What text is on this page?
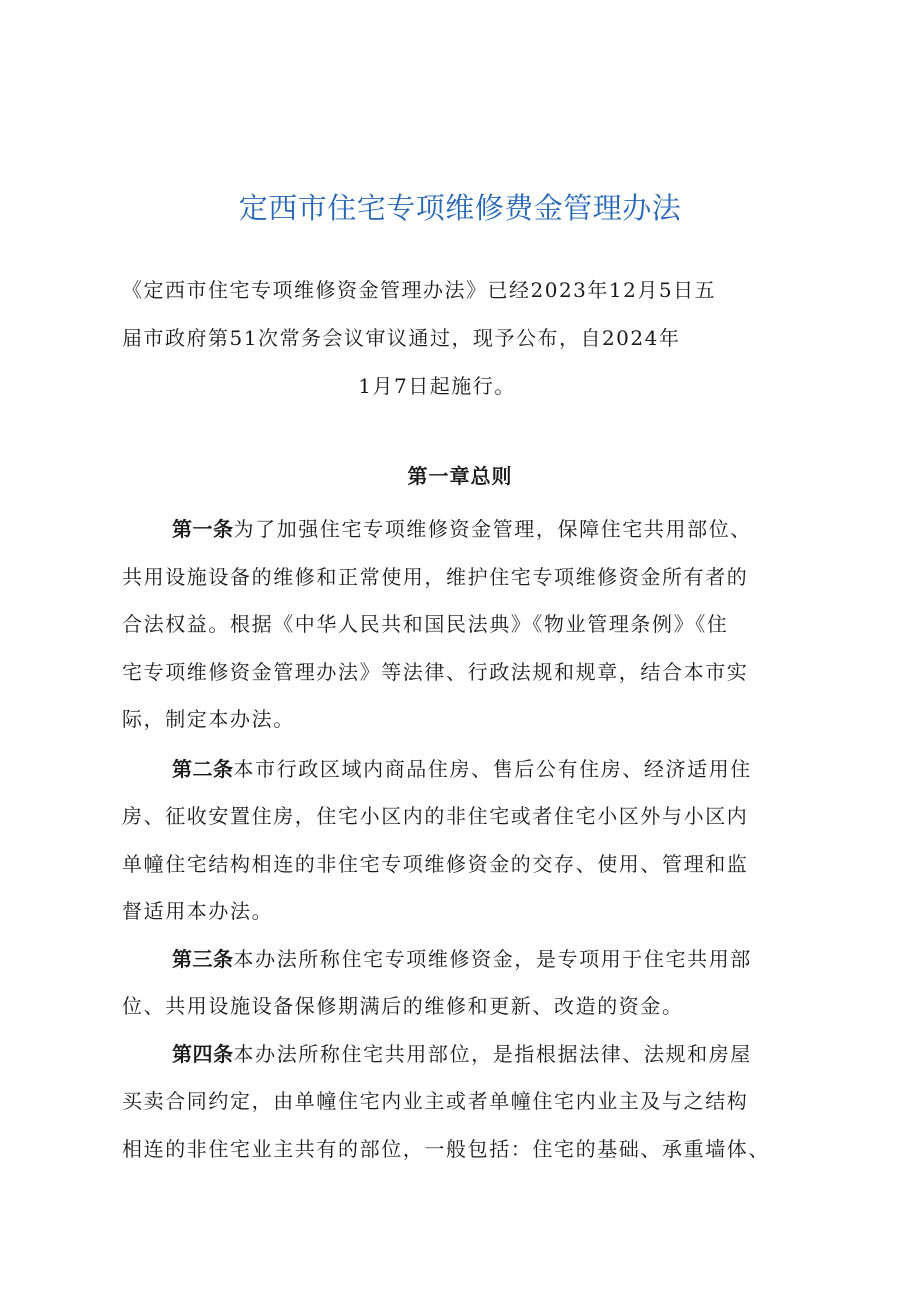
定西市住宅专项维修费金管理办法
《定西市住宅专项维修资金管理办法》已经2023年12月5日五
届市政府第51次常务会议审议通过，现予公布，自2024年
1月7日起施行。
第一章总则
第一条为了加强住宅专项维修资金管理，保障住宅共用部位、
共用设施设备的维修和正常使用，维护住宅专项维修资金所有者的
合法权益。根据《中华人民共和国民法典》《物业管理条例》《住
宅专项维修资金管理办法》等法律、行政法规和规章，结合本市实
际，制定本办法。
第二条本市行政区域内商品住房、售后公有住房、经济适用住
房、征收安置住房，住宅小区内的非住宅或者住宅小区外与小区内
单幢住宅结构相连的非住宅专项维修资金的交存、使用、管理和监
督适用本办法。
第三条本办法所称住宅专项维修资金，是专项用于住宅共用部
位、共用设施设备保修期满后的维修和更新、改造的资金。
第四条本办法所称住宅共用部位，是指根据法律、法规和房屋
买卖合同约定，由单幢住宅内业主或者单幢住宅内业主及与之结构
相连的非住宅业主共有的部位，一般包括：住宅的基础、承重墙体、
